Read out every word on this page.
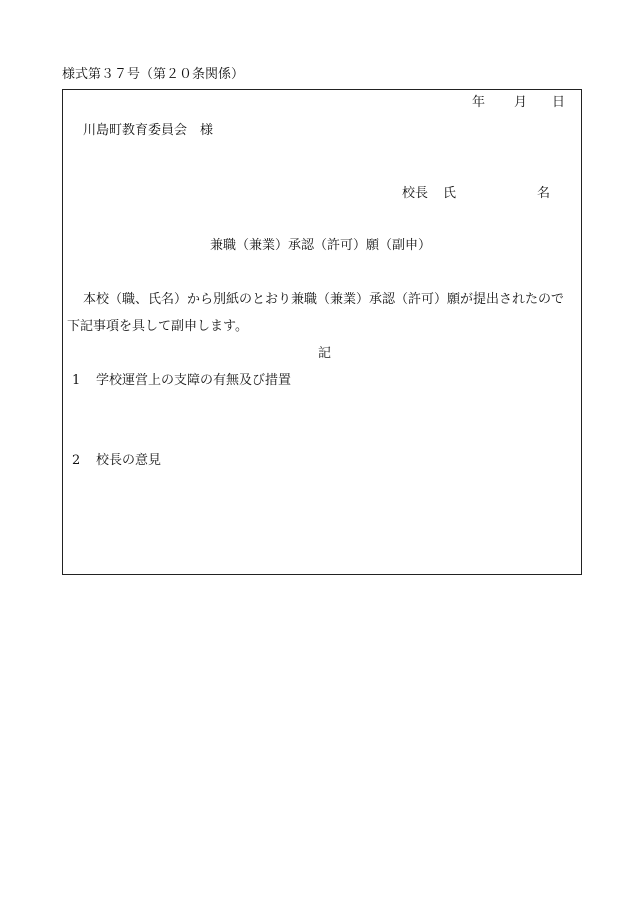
様式第３７号（第２０条関係）
年 月 日
川島町教育委員会　様
校長 氏	名
兼職（兼業）承認（許可）願（副申）
本校（職、氏名）から別紙のとおり兼職（兼業）承認（許可）願が提出されたので
下記事項を具して副申します。
記
1 学校運営上の支障の有無及び措置
2 校長の意見
